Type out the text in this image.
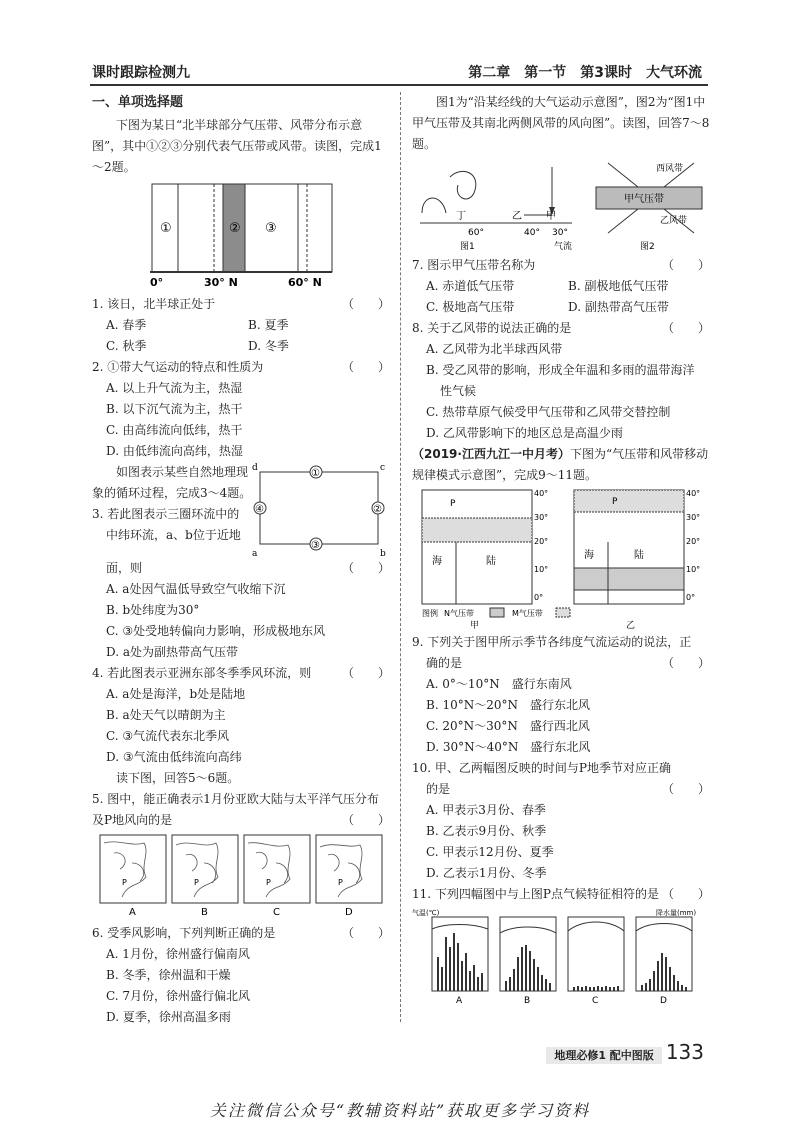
课时跟踪检测九	第二章　第一节　第3课时　大气环流
一、单项选择题
下图为某日“北半球部分气压带、风带分布示意图”，其中①②③分别代表气压带或风带。读图，完成1～2题。
①	② ③
0°	30° N	60° N
1. 该日，北半球正处于	（　　）
A. 春季	B. 夏季
C. 秋季	D. 冬季
2. ①带大气运动的特点和性质为	（　　）
A. 以上升气流为主，热湿
B. 以下沉气流为主，热干
C. 由高纬流向低纬，热干
D. 由低纬流向高纬，热湿
如图表示某些自然地理现象的循环过程，完成3～4题。
3. 若此图表示三圈环流中的
中纬环流，a、b位于近地
①
②
③
④
d	c
a	b
面，则	（　　）
A. a处因气温低导致空气收缩下沉
B. b处纬度为30°
C. ③处受地转偏向力影响，形成极地东风
D. a处为副热带高气压带
4. 若此图表示亚洲东部冬季季风环流，则	（　　）
A. a处是海洋，b处是陆地
B. a处天气以晴朗为主
C. ③气流代表东北季风
D. ③气流由低纬流向高纬
读下图，回答5～6题。
5. 图中，能正确表示1月份亚欧大陆与太平洋气压分布及P地风向的是	（　　）
P
A
P
B
P
C
P
D
6. 受季风影响，下列判断正确的是	（　　）
A. 1月份，徐州盛行偏南风
B. 冬季，徐州温和干燥
C. 7月份，徐州盛行偏北风
D. 夏季，徐州高温多雨
图1为“沿某经线的大气运动示意图”，图2为“图1中甲气压带及其南北两侧风带的风向图”。读图，回答7～8题。
丁	乙 甲
60°	40° 30°
图1	气流
西风带
甲气压带
乙风带
图2
7. 图示甲气压带名称为	（　　）
A. 赤道低气压带	B. 副极地低气压带
C. 极地高气压带	D. 副热带高气压带
8. 关于乙风带的说法正确的是	（　　）
A. 乙风带为北半球西风带
B. 受乙风带的影响，形成全年温和多雨的温带海洋
性气候
C. 热带草原气候受甲气压带和乙风带交替控制
D. 乙风带影响下的地区总是高温少雨
（2019·江西九江一中月考）下图为“气压带和风带移动规律模式示意图”，完成9～11题。
P
海	陆
40°
30°
20°
10°
0°
P
海	陆
40°
30°
20°
10°
0°
图例 N气压带	M气压带
甲	乙
9. 下列关于图甲所示季节各纬度气流运动的说法，正
确的是	（　　）
A. 0°～10°N　盛行东南风
B. 10°N～20°N　盛行东北风
C. 20°N～30°N　盛行西北风
D. 30°N～40°N　盛行东北风
10. 甲、乙两幅图反映的时间与P地季节对应正确
的是	（　　）
A. 甲表示3月份、春季
B. 乙表示9月份、秋季
C. 甲表示12月份、夏季
D. 乙表示1月份、冬季
11. 下列四幅图中与上图P点气候特征相符的是 （　　）
气温(℃)	降水量(mm)
A	B	C	D
地理必修1 配中图版 133
关注微信公众号“教辅资料站”获取更多学习资料
